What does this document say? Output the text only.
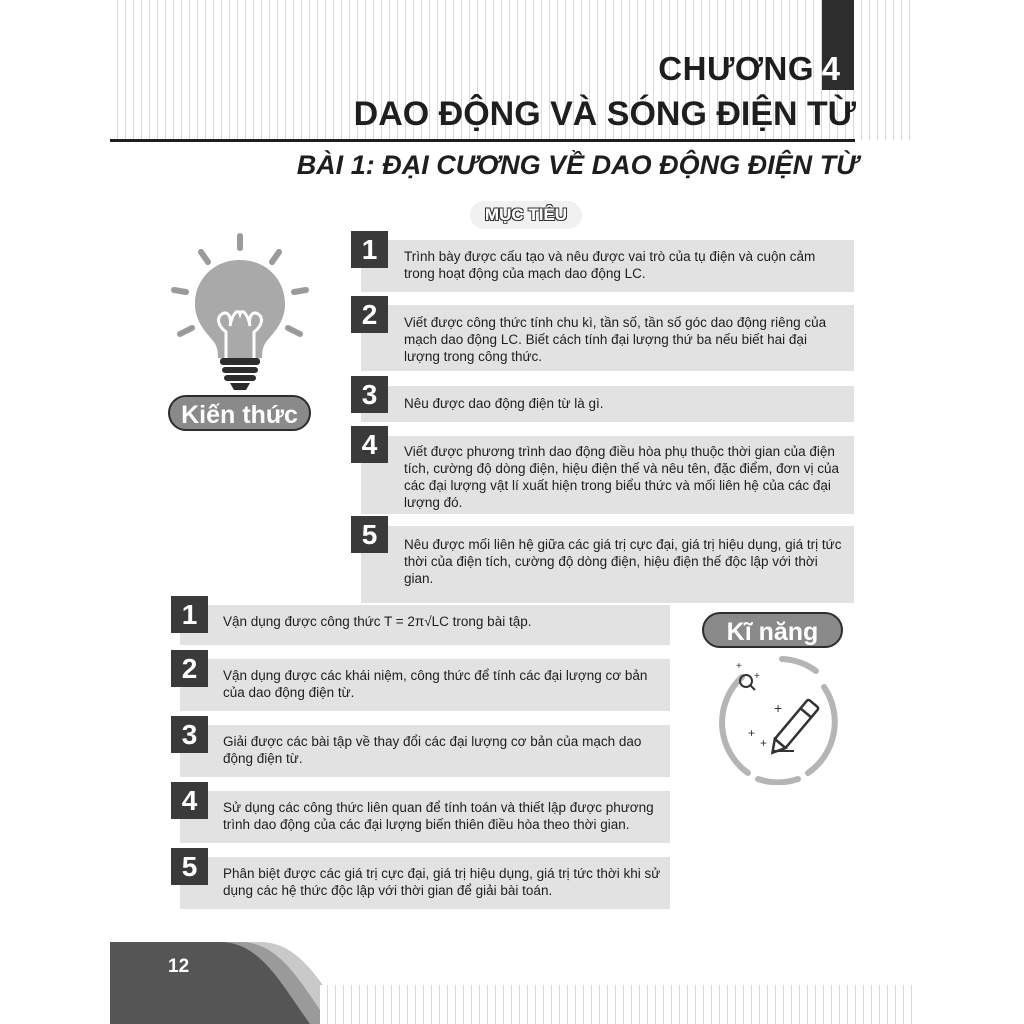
CHƯƠNG 4
DAO ĐỘNG VÀ SÓNG ĐIỆN TỪ
BÀI 1: ĐẠI CƯƠNG VỀ DAO ĐỘNG ĐIỆN TỪ
MỤC TIÊU
Kiến thức
1	Trình bày được cấu tạo và nêu được vai trò của tụ điện và cuộn cảm trong hoạt động của mạch dao động LC.
2	Viết được công thức tính chu kì, tần số, tần số góc dao động riêng của mạch dao động LC. Biết cách tính đại lượng thứ ba nếu biết hai đại lượng trong công thức.
3	Nêu được dao động điện từ là gì.
4	Viết được phương trình dao động điều hòa phụ thuộc thời gian của điện tích, cường độ dòng điện, hiệu điện thế và nêu tên, đặc điểm, đơn vị của các đại lượng vật lí xuất hiện trong biểu thức và mối liên hệ của các đại lượng đó.
5	Nêu được mối liên hệ giữa các giá trị cực đại, giá trị hiệu dụng, giá trị tức thời của điện tích, cường độ dòng điện, hiệu điện thế độc lập với thời gian.
1	Vận dụng được công thức T = 2π√LC trong bài tập.
2	Vận dụng được các khái niệm, công thức để tính các đại lượng cơ bản của dao động điện từ.
3	Giải được các bài tập về thay đổi các đại lượng cơ bản của mạch dao động điện từ.
4	Sử dụng các công thức liên quan để tính toán và thiết lập được phương trình dao động của các đại lượng biến thiên điều hòa theo thời gian.
5	Phân biệt được các giá trị cực đại, giá trị hiệu dụng, giá trị tức thời khi sử dụng các hệ thức độc lập với thời gian để giải bài toán.
Kĩ năng
+
+
+
+
+
12
